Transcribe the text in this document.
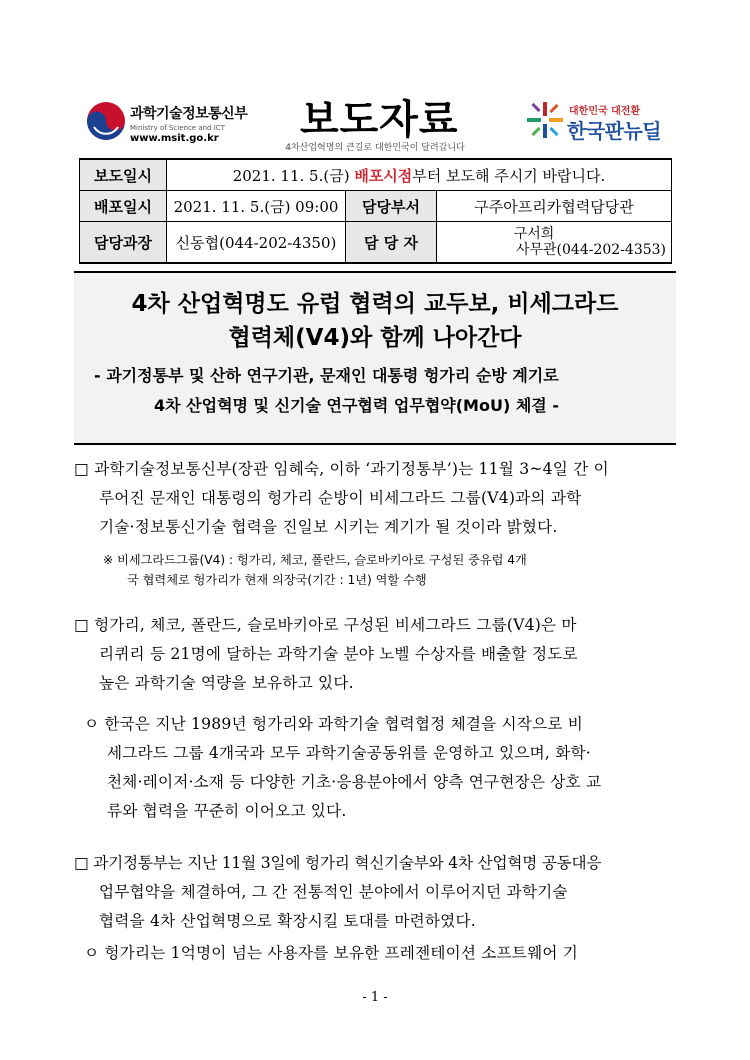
과학기술정보통신부
Ministry of Science and ICT
www.msit.go.kr 보도자료
4차산업혁명의 큰길로 대한민국이 달려갑니다
대한민국 대전환
한국판뉴딜
보도일시	2021. 11. 5.(금) 배포시점부터 보도해 주시기 바랍니다.		
배포일시	2021. 11. 5.(금) 09:00	담당부서	구주아프리카협력담당관
담당과장	신동협(044-202-4350)	담 당 자	구서희
사무관(044-202-4353)
4차 산업혁명도 유럽 협력의 교두보, 비세그라드
협력체(V4)와 함께 나아간다
- 과기정통부 및 산하 연구기관, 문재인 대통령 헝가리 순방 계기로
4차 산업혁명 및 신기술 연구협력 업무협약(MoU) 체결 -
□ 과학기술정보통신부(장관 임혜숙, 이하 ‘과기정통부’)는 11월 3~4일 간 이
루어진 문재인 대통령의 헝가리 순방이 비세그라드 그룹(V4)과의 과학
기술·정보통신기술 협력을 진일보 시키는 계기가 될 것이라 밝혔다.
※ 비세그라드그룹(V4) : 헝가리, 체코, 폴란드, 슬로바키아로 구성된 중유럽 4개
국 협력체로 헝가리가 현재 의장국(기간 : 1년) 역할 수행
□ 헝가리, 체코, 폴란드, 슬로바키아로 구성된 비세그라드 그룹(V4)은 마
리퀴리 등 21명에 달하는 과학기술 분야 노벨 수상자를 배출할 정도로
높은 과학기술 역량을 보유하고 있다.
ㅇ 한국은 지난 1989년 헝가리와 과학기술 협력협정 체결을 시작으로 비
세그라드 그룹 4개국과 모두 과학기술공동위를 운영하고 있으며, 화학·
천체·레이저·소재 등 다양한 기초·응용분야에서 양측 연구현장은 상호 교
류와 협력을 꾸준히 이어오고 있다.
□ 과기정통부는 지난 11월 3일에 헝가리 혁신기술부와 4차 산업혁명 공동대응
업무협약을 체결하여, 그 간 전통적인 분야에서 이루어지던 과학기술
협력을 4차 산업혁명으로 확장시킬 토대를 마련하였다.
ㅇ 헝가리는 1억명이 넘는 사용자를 보유한 프레젠테이션 소프트웨어 기
- 1 -
